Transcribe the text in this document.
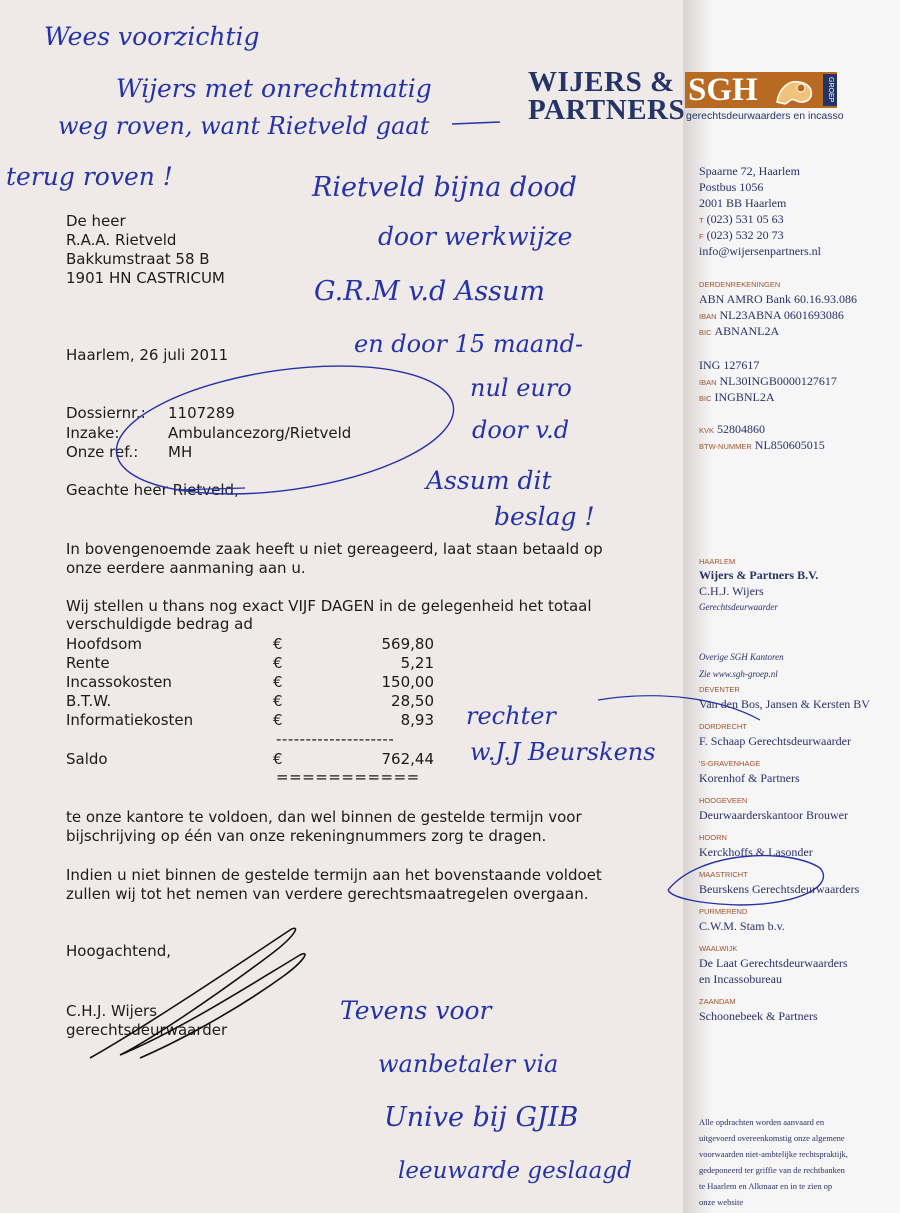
WIJERS &
PARTNERS
SGH	GROEP
gerechtsdeurwaarders en incasso
Spaarne 72, Haarlem
Postbus 1056
2001 BB Haarlem
T (023) 531 05 63
F (023) 532 20 73
info@wijersenpartners.nl
DERDENREKENINGEN
ABN AMRO Bank 60.16.93.086
IBAN NL23ABNA 0601693086
BIC ABNANL2A
ING 127617
IBAN NL30INGB0000127617
BIC INGBNL2A
KVK 52804860
BTW-NUMMER NL850605015
HAARLEM
Wijers & Partners B.V.
C.H.J. Wijers
Gerechtsdeurwaarder
Overige SGH Kantoren
Zie www.sgh-groep.nl
DEVENTER
Van den Bos, Jansen & Kersten BV
DORDRECHT
F. Schaap Gerechtsdeurwaarder
'S-GRAVENHAGE
Korenhof & Partners
HOOGEVEEN
Deurwaarderskantoor Brouwer
HOORN
Kerckhoffs & Lasonder
MAASTRICHT
Beurskens Gerechtsdeurwaarders
PURMEREND
C.W.M. Stam b.v.
WAALWIJK
De Laat Gerechtsdeurwaarders
en Incassobureau
ZAANDAM
Schoonebeek & Partners
Alle opdrachten worden aanvaard en
uitgevoerd overeenkomstig onze algemene
voorwaarden niet-ambtelijke rechtspraktijk,
gedeponeerd ter griffie van de rechtbanken
te Haarlem en Alkmaar en in te zien op
onze website
De heer
R.A.A. Rietveld
Bakkumstraat 58 B
1901 HN CASTRICUM
Haarlem, 26 juli 2011
Dossiernr.: 1107289
Inzake:	Ambulancezorg/Rietveld
Onze ref.: MH
Geachte heer Rietveld,
In bovengenoemde zaak heeft u niet gereageerd, laat staan betaald op
onze eerdere aanmaning aan u.
Wij stellen u thans nog exact VIJF DAGEN in de gelegenheid het totaal
verschuldigde bedrag ad
Hoofdsom	€	569,80
Rente	€	5,21
Incassokosten	€	150,00
B.T.W.	€	28,50
Informatiekosten	€	8,93
--------------------
Saldo	€	762,44
===========
te onze kantore te voldoen, dan wel binnen de gestelde termijn voor
bijschrijving op één van onze rekeningnummers zorg te dragen.
Indien u niet binnen de gestelde termijn aan het bovenstaande voldoet
zullen wij tot het nemen van verdere gerechtsmaatregelen overgaan.
Hoogachtend,
C.H.J. Wijers
gerechtsdeurwaarder
Wees voorzichtig
Wijers met onrechtmatig
weg roven, want Rietveld gaat
terug roven !	Rietveld bijna dood
door werkwijze
G.R.M v.d Assum
en door 15 maand-
nul euro
door v.d
Assum dit
beslag !
rechter
w.J.J Beurskens
Tevens voor
wanbetaler via
Unive bij GJIB
leeuwarde geslaagd
